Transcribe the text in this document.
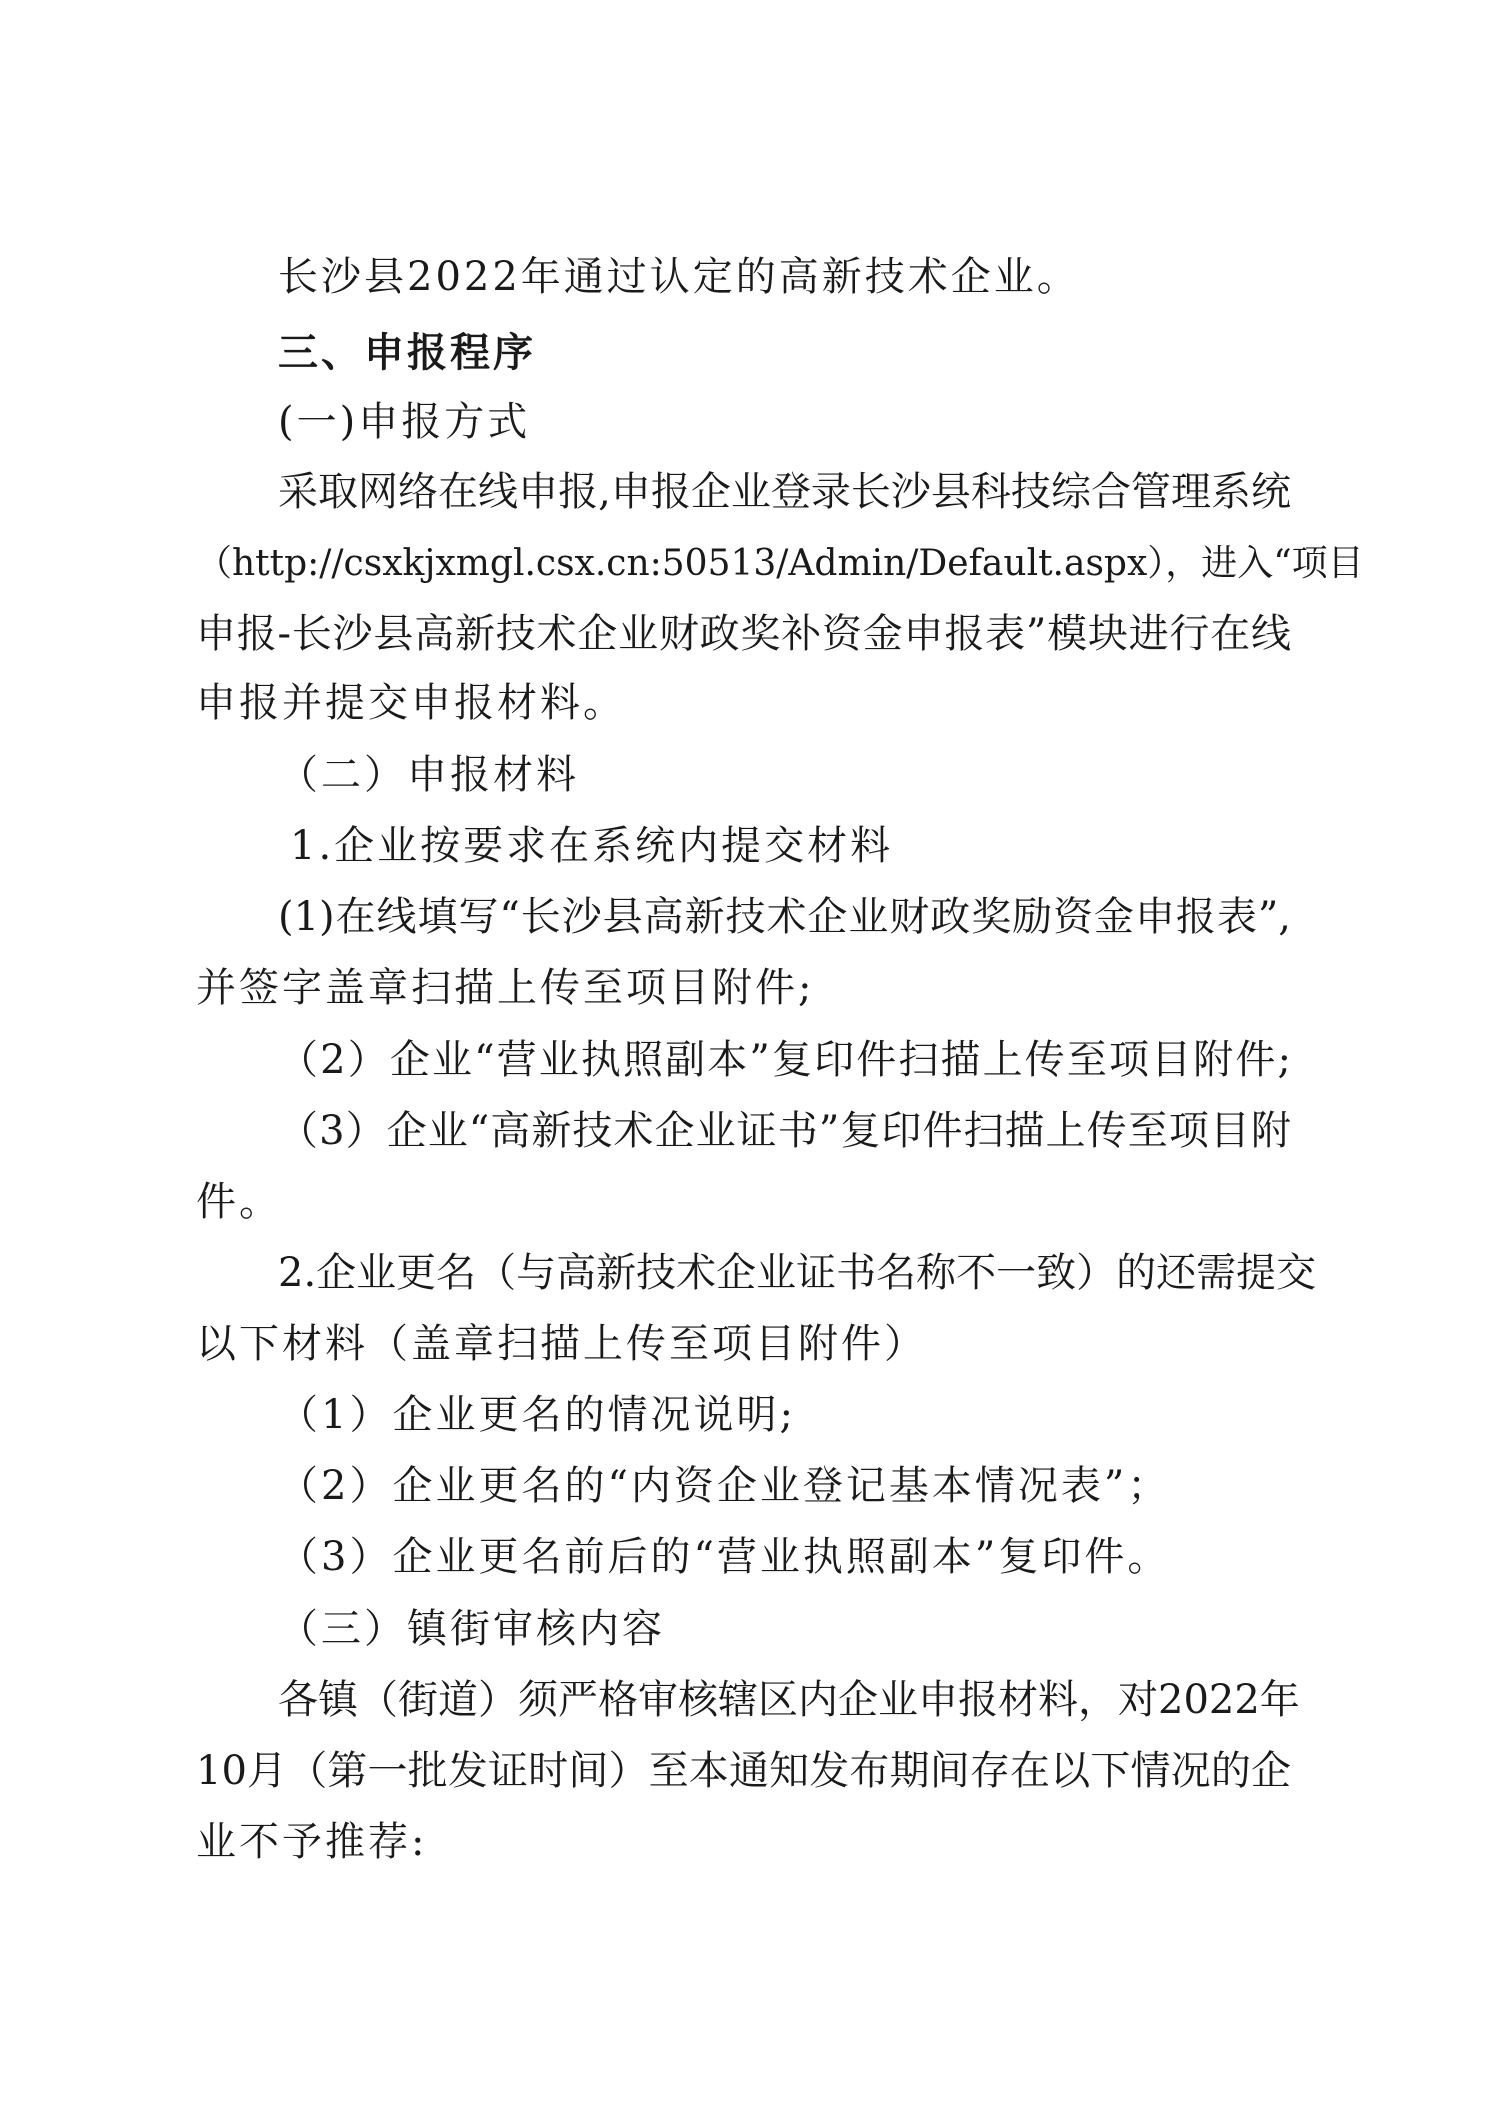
长沙县2022年通过认定的高新技术企业。
三、申报程序
(一)申报方式
采取网络在线申报,申报企业登录长沙县科技综合管理系统
（http://csxkjxmgl.csx.cn:50513/Admin/Default.aspx），进入“项目
申报-长沙县高新技术企业财政奖补资金申报表”模块进行在线
申报并提交申报材料。
（二）申报材料
1.企业按要求在系统内提交材料
(1)在线填写“长沙县高新技术企业财政奖励资金申报表”,
并签字盖章扫描上传至项目附件;
（2）企业“营业执照副本”复印件扫描上传至项目附件;
（3）企业“高新技术企业证书”复印件扫描上传至项目附
件。
2.企业更名（与高新技术企业证书名称不一致）的还需提交
以下材料（盖章扫描上传至项目附件）
（1）企业更名的情况说明;
（2）企业更名的“内资企业登记基本情况表”；
（3）企业更名前后的“营业执照副本”复印件。
（三）镇街审核内容
各镇（街道）须严格审核辖区内企业申报材料，对2022年
10月（第一批发证时间）至本通知发布期间存在以下情况的企
业不予推荐:
